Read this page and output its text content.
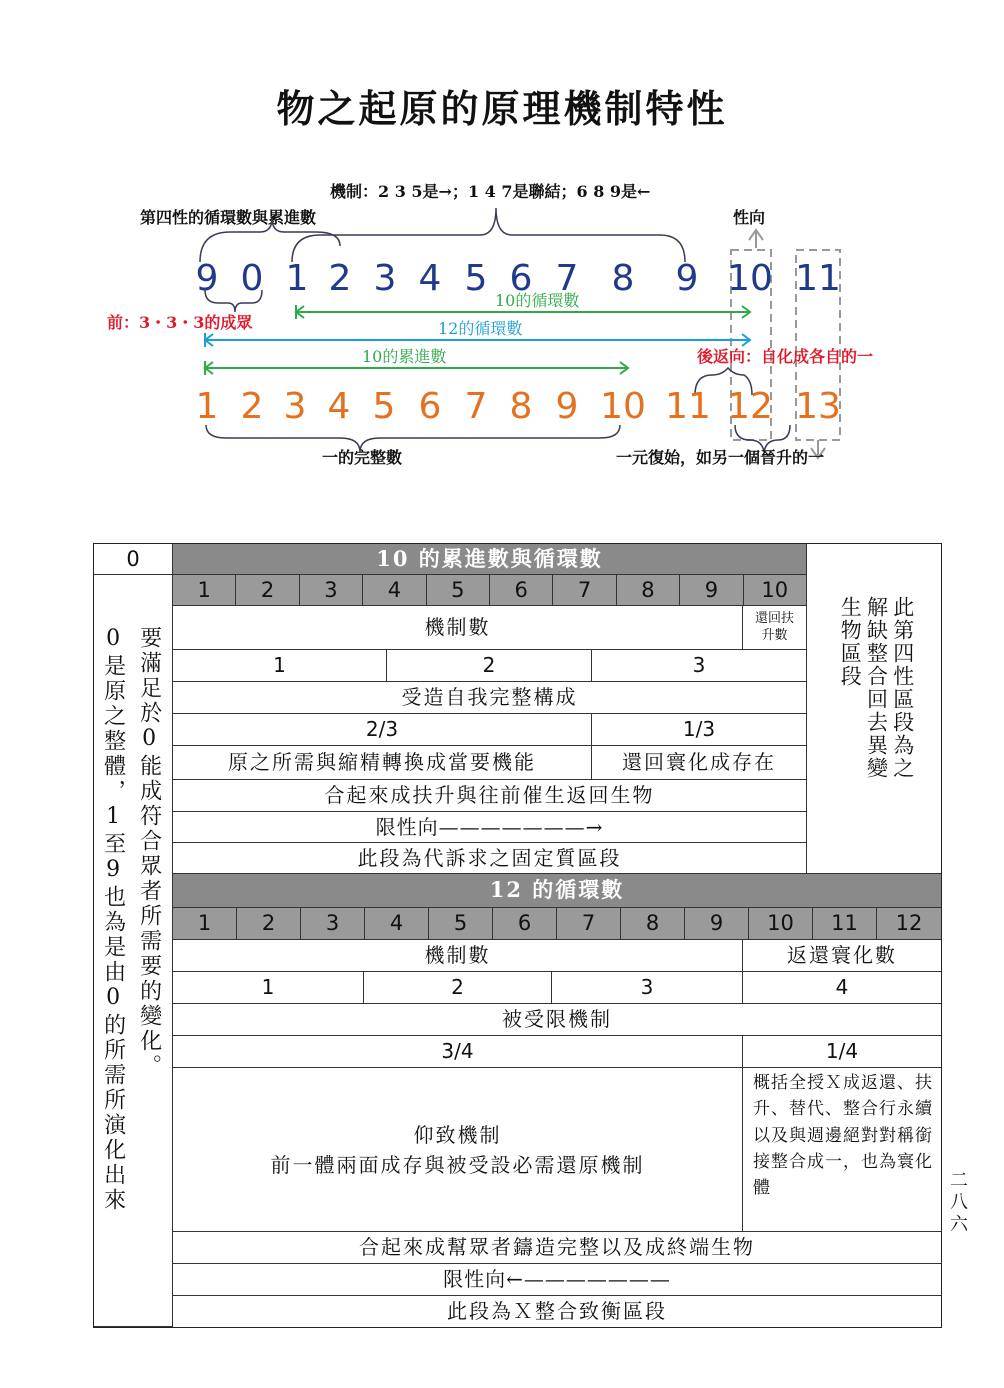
物之起原的原理機制特性
機制：2 3 5是→；1 4 7是聯結；6 8 9是←
第四性的循環數與累進數	性向
9 0 1 2 3 4 5 6 7 8 9 10 11
10的循環數
前：3・3・3的成眾	12的循環數
10的累進數	後返向：自化成各自的一
1 2 3 4 5 6 7 8 9 10 11 12 13
一的完整數	一元復始，如另一個晉升的一
0	10 的累進數與循環數
此第四性區段為之解缺整合回去異變生物區段
0是原之整體，1至9也為是由0的所需所演化出來 要滿足於0能成符合眾者所需要的變化。
1	2	3	4	5	6	7	8	9	10
機制數	還回扶升數
1	2	3
受造自我完整構成
2/3	1/3
原之所需與縮精轉換成當要機能	還回寰化成存在
合起來成扶升與往前催生返回生物
限性向———————→
此段為代訴求之固定質區段
12 的循環數
1	2	3	4	5	6	7	8	9	10	11	12
機制數	返還寰化數
1	2	3	4
被受限機制
3/4	1/4
仰致機制
前一體兩面成存與被受設必需還原機制
概括全授Ｘ成返還、扶升、替代、整合行永續以及與週邊絕對對稱銜接整合成一，也為寰化體
合起來成幫眾者鑄造完整以及成終端生物
限性向←———————
此段為Ｘ整合致衡區段
二八六
